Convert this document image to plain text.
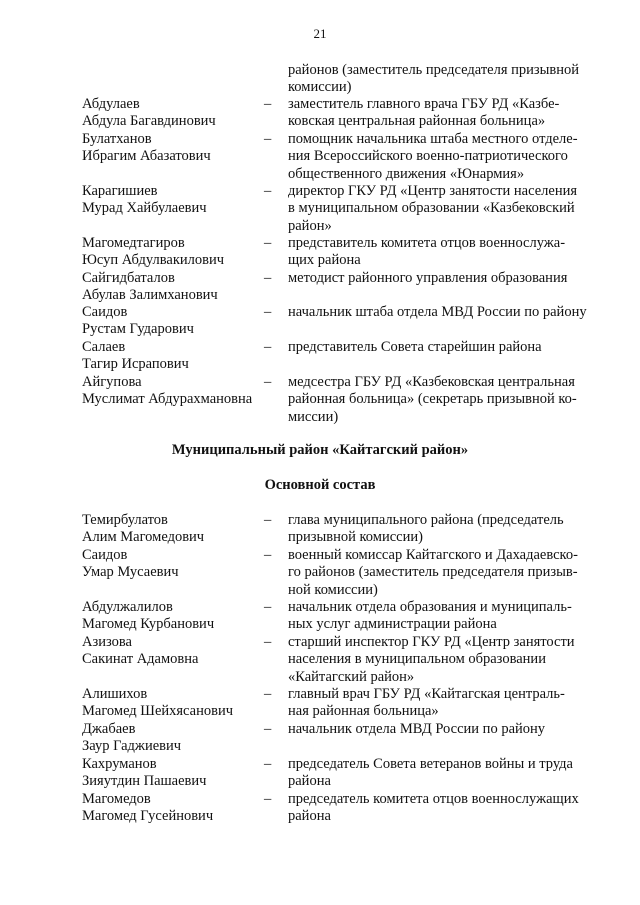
21
районов (заместитель председателя призывной
комиссии)
Абдулаев
Абдула Багавдинович
– заместитель главного врача ГБУ РД «Казбе-
ковская центральная районная больница»
Булатханов
Ибрагим Абазатович
– помощник начальника штаба местного отделе-
ния Всероссийского военно-патриотического
общественного движения «Юнармия»
Карагишиев
Мурад Хайбулаевич
– директор ГКУ РД «Центр занятости населения
в муниципальном образовании «Казбековский
район»
Магомедтагиров
Юсуп Абдулвакилович
– представитель комитета отцов военнослужа-
щих района
Сайгидбаталов
Абулав Залимханович
– методист районного управления образования
Саидов
Рустам Гударович
– начальник штаба отдела МВД России по району
Салаев
Тагир Исрапович
– представитель Совета старейшин района
Айгупова
Муслимат Абдурахмановна
– медсестра ГБУ РД «Казбековская центральная
районная больница» (секретарь призывной ко-
миссии)
Муниципальный район «Кайтагский район»
Основной состав
Темирбулатов
Алим Магомедович
– глава муниципального района (председатель
призывной комиссии)
Саидов
Умар Мусаевич
– военный комиссар Кайтагского и Дахадаевско-
го районов (заместитель председателя призыв-
ной комиссии)
Абдулжалилов
Магомед Курбанович
– начальник отдела образования и муниципаль-
ных услуг администрации района
Азизова
Сакинат Адамовна
– старший инспектор ГКУ РД «Центр занятости
населения в муниципальном образовании
«Кайтагский район»
Алишихов
Магомед Шейхясанович
– главный врач ГБУ РД «Кайтагская централь-
ная районная больница»
Джабаев
Заур Гаджиевич
– начальник отдела МВД России по району
Кахруманов
Зияутдин Пашаевич
– председатель Совета ветеранов войны и труда
района
Магомедов
Магомед Гусейнович
– председатель комитета отцов военнослужащих
района
